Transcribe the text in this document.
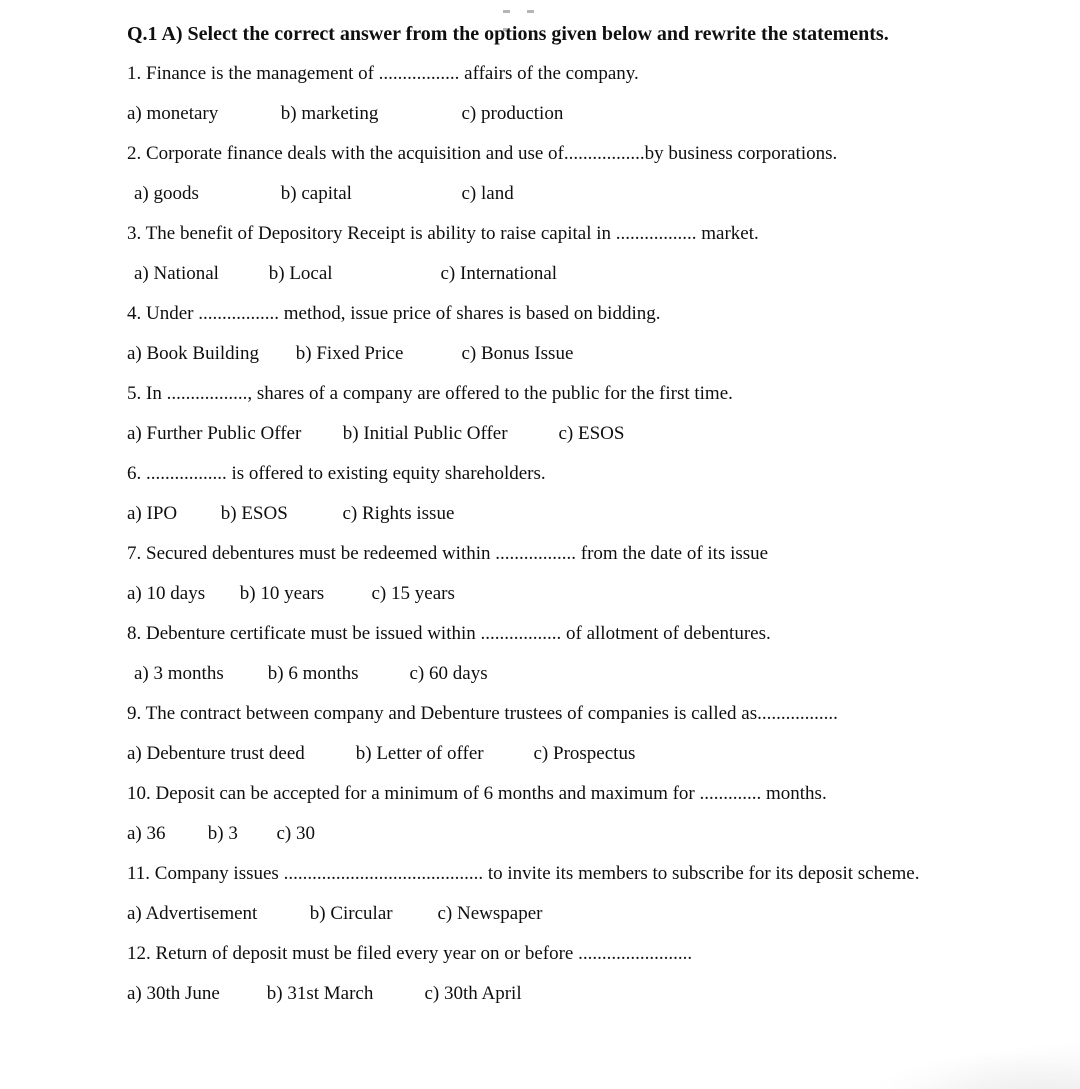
Q.1 A) Select the correct answer from the options given below and rewrite the statements.

1. Finance is the management of ................. affairs of the company.

a) monetary	b) marketing	c) production

2. Corporate finance deals with the acquisition and use of.................by business corporations.

a) goods	b) capital	c) land

3. The benefit of Depository Receipt is ability to raise capital in ................. market.

a) National	b) Local	c) International

4. Under ................. method, issue price of shares is based on bidding.

a) Book Building b) Fixed Price	c) Bonus Issue

5. In ................., shares of a company are offered to the public for the first time.

a) Further Public Offer b) Initial Public Offer	c) ESOS

6. ................. is offered to existing equity shareholders.

a) IPO b) ESOS	c) Rights issue

7. Secured debentures must be redeemed within ................. from the date of its issue

a) 10 days b) 10 years c) 15 years

8. Debenture certificate must be issued within ................. of allotment of debentures.

a) 3 months b) 6 months	c) 60 days

9. The contract between company and Debenture trustees of companies is called as.................

a) Debenture trust deed	b) Letter of offer	c) Prospectus

10. Deposit can be accepted for a minimum of 6 months and maximum for ............. months.

a) 36 b) 3 c) 30

11. Company issues .......................................... to invite its members to subscribe for its deposit scheme.

a) Advertisement	b) Circular c) Newspaper

12. Return of deposit must be filed every year on or before ........................

a) 30th June b) 31st March	c) 30th April
